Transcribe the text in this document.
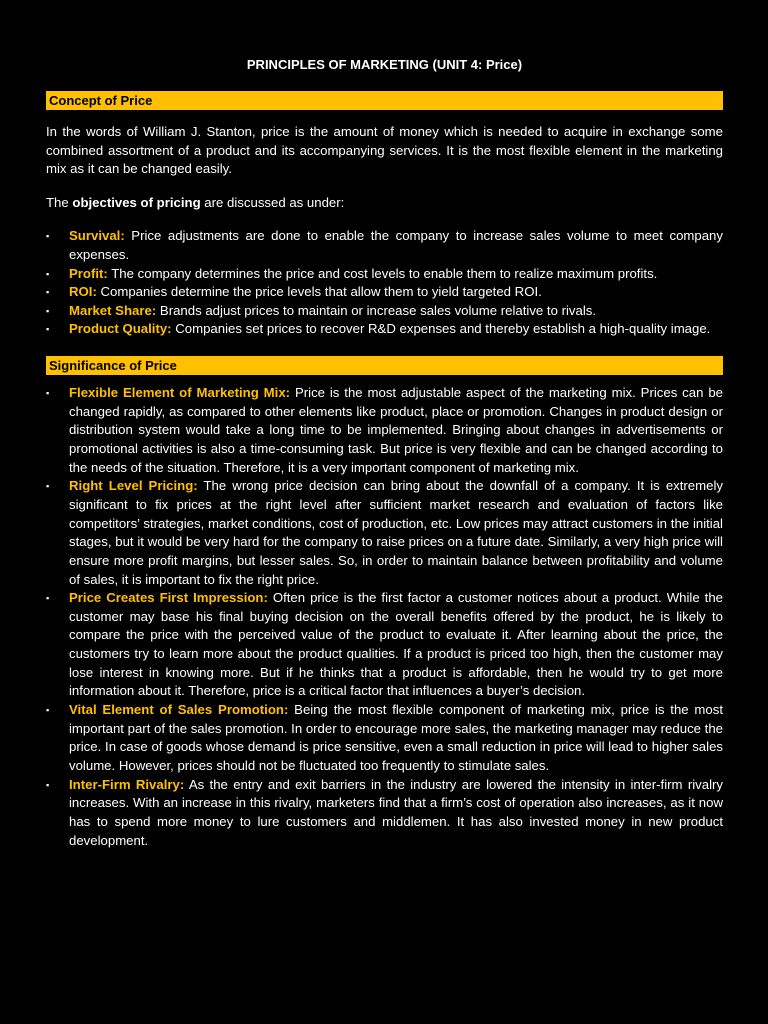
PRINCIPLES OF MARKETING (UNIT 4: Price)
Concept of Price

In the words of William J. Stanton, price is the amount of money which is needed to acquire in exchange some combined assortment of a product and its accompanying services. It is the most flexible element in the marketing mix as it can be changed easily.

The objectives of pricing are discussed as under:

▪ Survival: Price adjustments are done to enable the company to increase sales volume to meet company expenses.
▪ Profit: The company determines the price and cost levels to enable them to realize maximum profits.
▪ ROI: Companies determine the price levels that allow them to yield targeted ROI.
▪ Market Share: Brands adjust prices to maintain or increase sales volume relative to rivals.
▪ Product Quality: Companies set prices to recover R&D expenses and thereby establish a high-quality image.
Significance of Price
▪ Flexible Element of Marketing Mix: Price is the most adjustable aspect of the marketing mix. Prices can be changed rapidly, as compared to other elements like product, place or promotion. Changes in product design or distribution system would take a long time to be implemented. Bringing about changes in advertisements or promotional activities is also a time-consuming task. But price is very flexible and can be changed according to the needs of the situation. Therefore, it is a very important component of marketing mix.
▪ Right Level Pricing: The wrong price decision can bring about the downfall of a company. It is extremely significant to fix prices at the right level after sufficient market research and evaluation of factors like competitors’ strategies, market conditions, cost of production, etc. Low prices may attract customers in the initial stages, but it would be very hard for the company to raise prices on a future date. Similarly, a very high price will ensure more profit margins, but lesser sales. So, in order to maintain balance between profitability and volume of sales, it is important to fix the right price.
▪ Price Creates First Impression: Often price is the first factor a customer notices about a product. While the customer may base his final buying decision on the overall benefits offered by the product, he is likely to compare the price with the perceived value of the product to evaluate it. After learning about the price, the customers try to learn more about the product qualities. If a product is priced too high, then the customer may lose interest in knowing more. But if he thinks that a product is affordable, then he would try to get more information about it. Therefore, price is a critical factor that influences a buyer’s decision.
▪ Vital Element of Sales Promotion: Being the most flexible component of marketing mix, price is the most important part of the sales promotion. In order to encourage more sales, the marketing manager may reduce the price. In case of goods whose demand is price sensitive, even a small reduction in price will lead to higher sales volume. However, prices should not be fluctuated too frequently to stimulate sales.
▪ Inter-Firm Rivalry: As the entry and exit barriers in the industry are lowered the intensity in inter-firm rivalry increases. With an increase in this rivalry, marketers find that a firm’s cost of operation also increases, as it now has to spend more money to lure customers and middlemen. It has also invested money in new product development.
